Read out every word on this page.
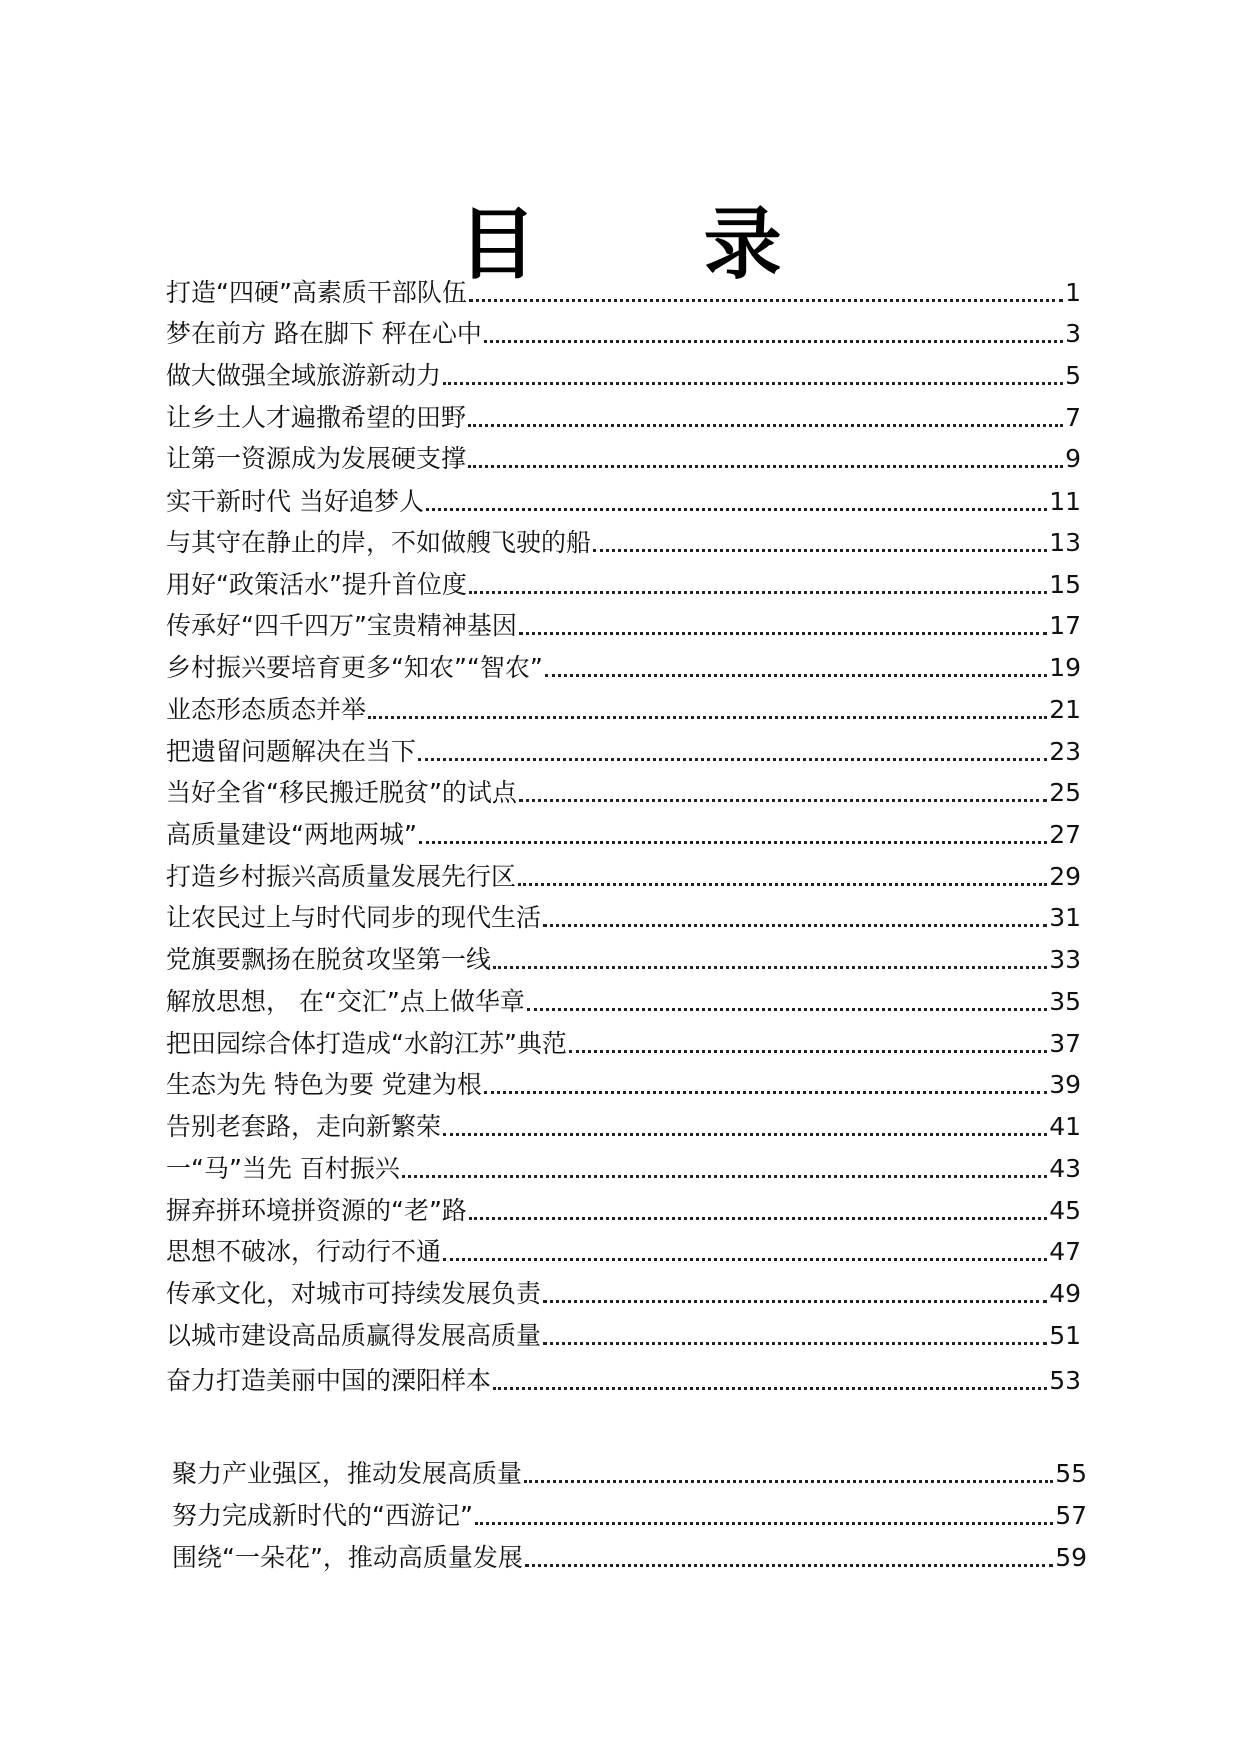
目 录
打造“四硬”高素质干部队伍	1
梦在前方 路在脚下 秤在心中	3
做大做强全域旅游新动力	5
让乡土人才遍撒希望的田野	7
让第一资源成为发展硬支撑	9
实干新时代 当好追梦人	11
与其守在静止的岸，不如做艘飞驶的船	13
用好“政策活水”提升首位度	15
传承好“四千四万”宝贵精神基因	17
乡村振兴要培育更多“知农”“智农”	19
业态形态质态并举	21
把遗留问题解决在当下	23
当好全省“移民搬迁脱贫”的试点	25
高质量建设“两地两城”	27
打造乡村振兴高质量发展先行区	29
让农民过上与时代同步的现代生活	31
党旗要飘扬在脱贫攻坚第一线	33
解放思想， 在“交汇”点上做华章	35
把田园综合体打造成“水韵江苏”典范	37
生态为先 特色为要 党建为根	39
告别老套路，走向新繁荣	41
一“马”当先 百村振兴	43
摒弃拼环境拼资源的“老”路	45
思想不破冰，行动行不通	47
传承文化，对城市可持续发展负责	49
以城市建设高品质赢得发展高质量	51
奋力打造美丽中国的溧阳样本	53
聚力产业强区，推动发展高质量	55
努力完成新时代的“西游记”	57
围绕“一朵花”，推动高质量发展	59
